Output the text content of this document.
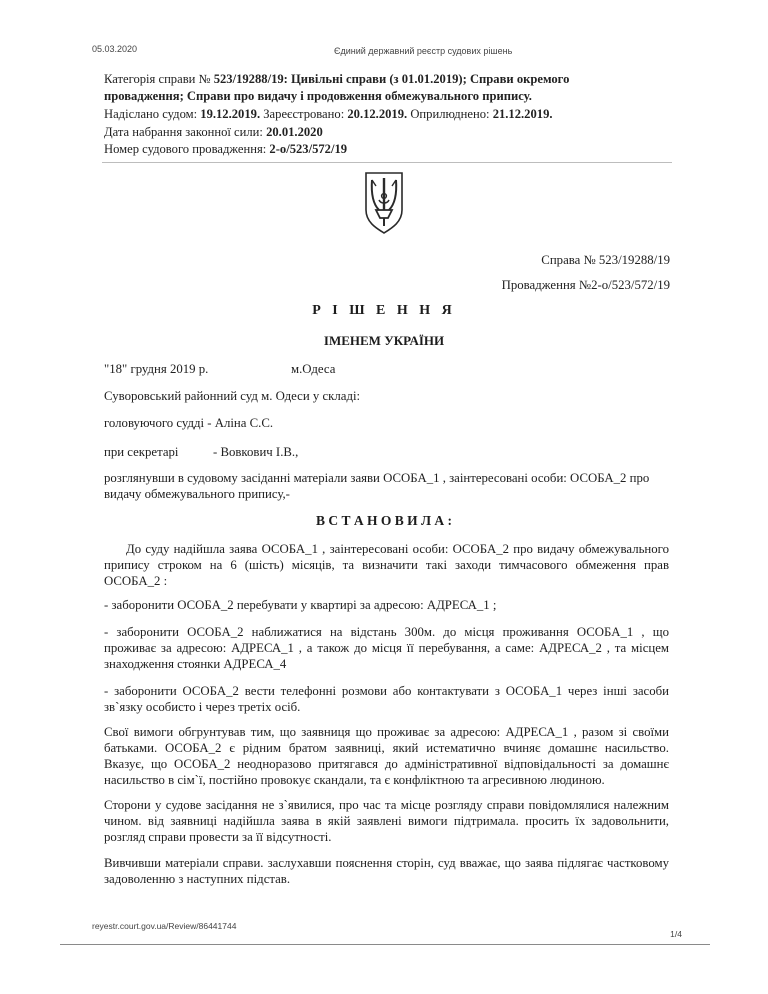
05.03.2020	Єдиний державний реєстр судових рішень
Категорія справи № 523/19288/19: Цивільні справи (з 01.01.2019); Справи окремого
провадження; Справи про видачу і продовження обмежувального припису.
Надіслано судом: 19.12.2019. Зареєстровано: 20.12.2019. Оприлюднено: 21.12.2019.
Дата набрання законної сили: 20.01.2020
Номер судового провадження: 2-о/523/572/19
Справа № 523/19288/19
Провадження №2-о/523/572/19
Р І Ш Е Н Н Я
ІМЕНЕМ УКРАЇНИ
"18" грудня 2019 р.	м.Одеса
Суворовський районний суд м. Одеси у складі:
головуючого судді - Аліна С.С.
при секретарі	- Вовкович І.В.,
розглянувши в судовому засіданні матеріали заяви ОСОБА_1 , заінтересовані особи: ОСОБА_2 про
видачу обмежувального припису,-
В С Т А Н О В И Л А :
До суду надійшла заява ОСОБА_1 , заінтересовані особи: ОСОБА_2 про видачу обмежувального
припису строком на 6 (шість) місяців, та визначити такі заходи тимчасового обмеження прав
ОСОБА_2 :
- заборонити ОСОБА_2 перебувати у квартирі за адресою: АДРЕСА_1 ;
- заборонити ОСОБА_2 наближатися на відстань 300м. до місця проживання ОСОБА_1 , що
проживає за адресою: АДРЕСА_1 , а також до місця її перебування, а саме: АДРЕСА_2 , та місцем
знаходження стоянки АДРЕСА_4
- заборонити ОСОБА_2 вести телефонні розмови або контактувати з ОСОБА_1 через інші засоби
зв`язку особисто і через третіх осіб.
Свої вимоги обгрунтував тим, що заявниця що проживає за адресою: АДРЕСА_1 , разом зі своїми
батьками. ОСОБА_2 є рідним братом заявниці, який иcтематично вчиняє домашнє насильство.
Вказує, що ОСОБА_2 неодноразово притягався до адміністративної відповідальності за домашнє
насильство в сім`ї, постійно провокує скандали, та є конфліктною та агресивною людиною.
Сторони у судове засідання не з`явилися, про час та місце розгляду справи повідомлялися належним
чином. від заявниці надійшла заява в якій заявлені вимоги підтримала. просить їх задовольнити,
розгляд справи провести за її відсутності.
Вивчивши матеріали справи. заслухавши пояснення сторін, суд вважає, що заява підлягає частковому
задоволенню з наступних підстав.
reyestr.court.gov.ua/Review/86441744
1/4
